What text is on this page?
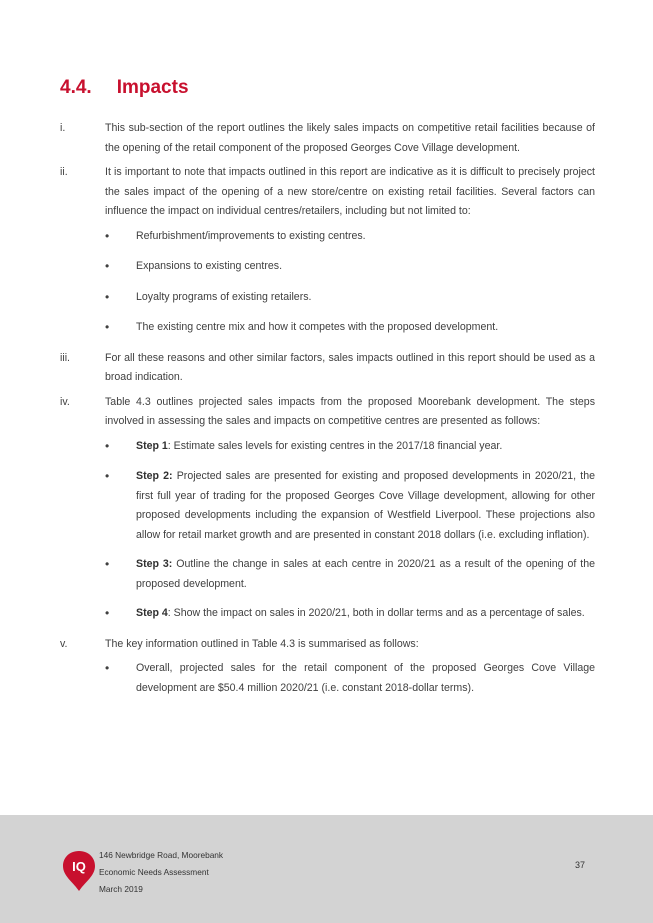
4.4. Impacts
i.	This sub-section of the report outlines the likely sales impacts on competitive retail facilities because of the opening of the retail component of the proposed Georges Cove Village development.
ii.	It is important to note that impacts outlined in this report are indicative as it is difficult to precisely project the sales impact of the opening of a new store/centre on existing retail facilities. Several factors can influence the impact on individual centres/retailers, including but not limited to:
•
Refurbishment/improvements to existing centres.
•
Expansions to existing centres.
•
Loyalty programs of existing retailers.
•
The existing centre mix and how it competes with the proposed development.
iii.	For all these reasons and other similar factors, sales impacts outlined in this report should be used as a broad indication.
iv.	Table 4.3 outlines projected sales impacts from the proposed Moorebank development. The steps involved in assessing the sales and impacts on competitive centres are presented as follows:
•
Step 1: Estimate sales levels for existing centres in the 2017/18 financial year.
•
Step 2: Projected sales are presented for existing and proposed developments in 2020/21, the first full year of trading for the proposed Georges Cove Village development, allowing for other proposed developments including the expansion of Westfield Liverpool. These projections also allow for retail market growth and are presented in constant 2018 dollars (i.e. excluding inflation).
•
Step 3: Outline the change in sales at each centre in 2020/21 as a result of the opening of the proposed development.
•
Step 4: Show the impact on sales in 2020/21, both in dollar terms and as a percentage of sales.
v.	The key information outlined in Table 4.3 is summarised as follows:
•
Overall, projected sales for the retail component of the proposed Georges Cove Village development are $50.4 million 2020/21 (i.e. constant 2018-dollar terms).
IQ
146 Newbridge Road, Moorebank
Economic Needs Assessment
March 2019
37
